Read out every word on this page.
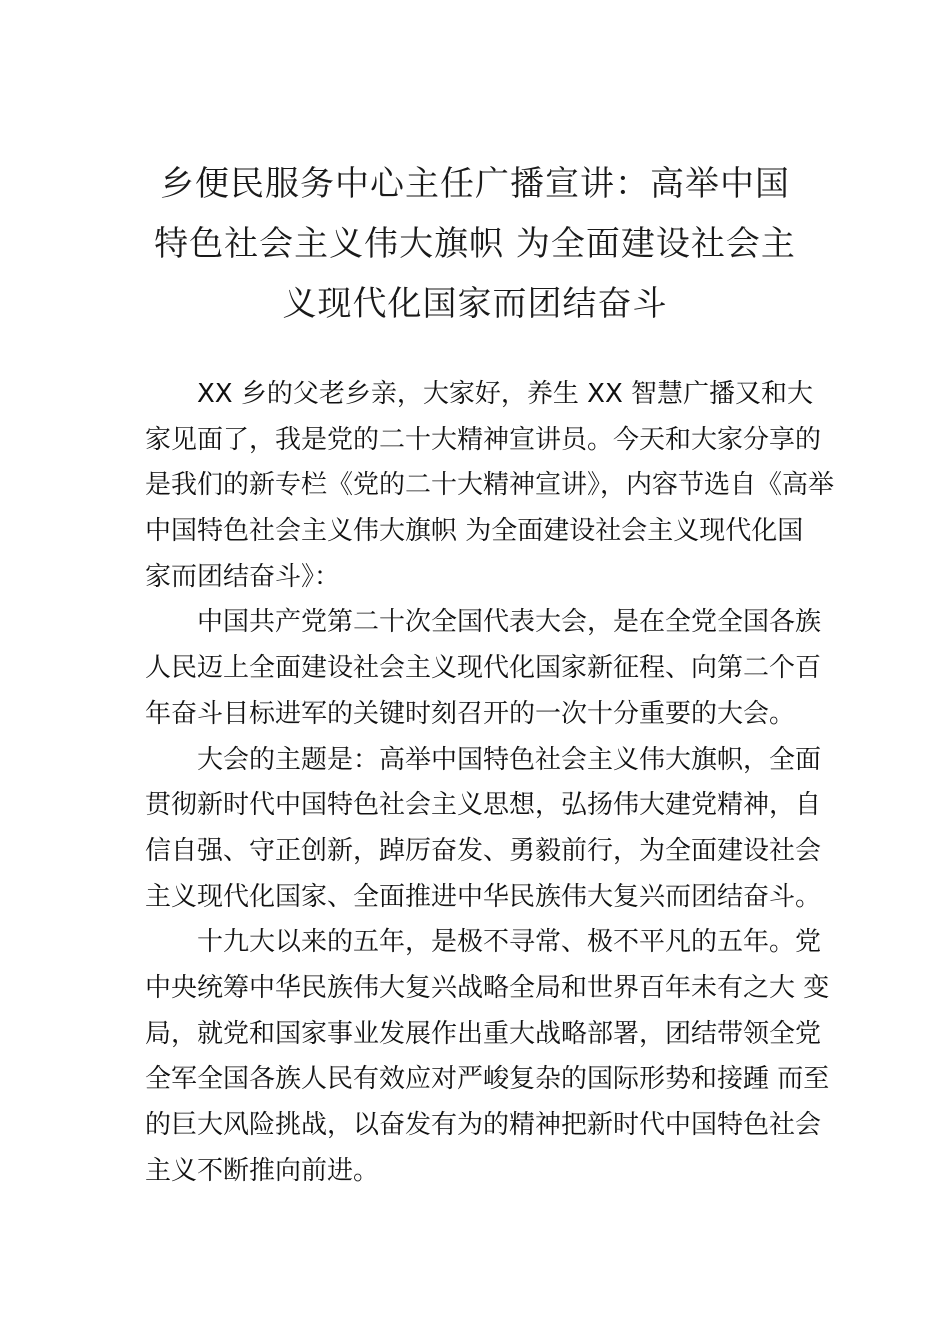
乡便民服务中心主任广播宣讲：高举中国
特色社会主义伟大旗帜 为全面建设社会主
义现代化国家而团结奋斗
XX 乡的父老乡亲，大家好，养生 XX 智慧广播又和大
家见面了，我是党的二十大精神宣讲员。今天和大家分享的
是我们的新专栏《党的二十大精神宣讲》，内容节选自《高举
中国特色社会主义伟大旗帜 为全面建设社会主义现代化国
家而团结奋斗》：
中国共产党第二十次全国代表大会，是在全党全国各族
人民迈上全面建设社会主义现代化国家新征程、向第二个百
年奋斗目标进军的关键时刻召开的一次十分重要的大会。
大会的主题是：高举中国特色社会主义伟大旗帜，全面
贯彻新时代中国特色社会主义思想，弘扬伟大建党精神，自
信自强、守正创新，踔厉奋发、勇毅前行，为全面建设社会
主义现代化国家、全面推进中华民族伟大复兴而团结奋斗。
十九大以来的五年，是极不寻常、极不平凡的五年。党
中央统筹中华民族伟大复兴战略全局和世界百年未有之大 变
局，就党和国家事业发展作出重大战略部署，团结带领全党
全军全国各族人民有效应对严峻复杂的国际形势和接踵 而至
的巨大风险挑战，以奋发有为的精神把新时代中国特色社会
主义不断推向前进。
